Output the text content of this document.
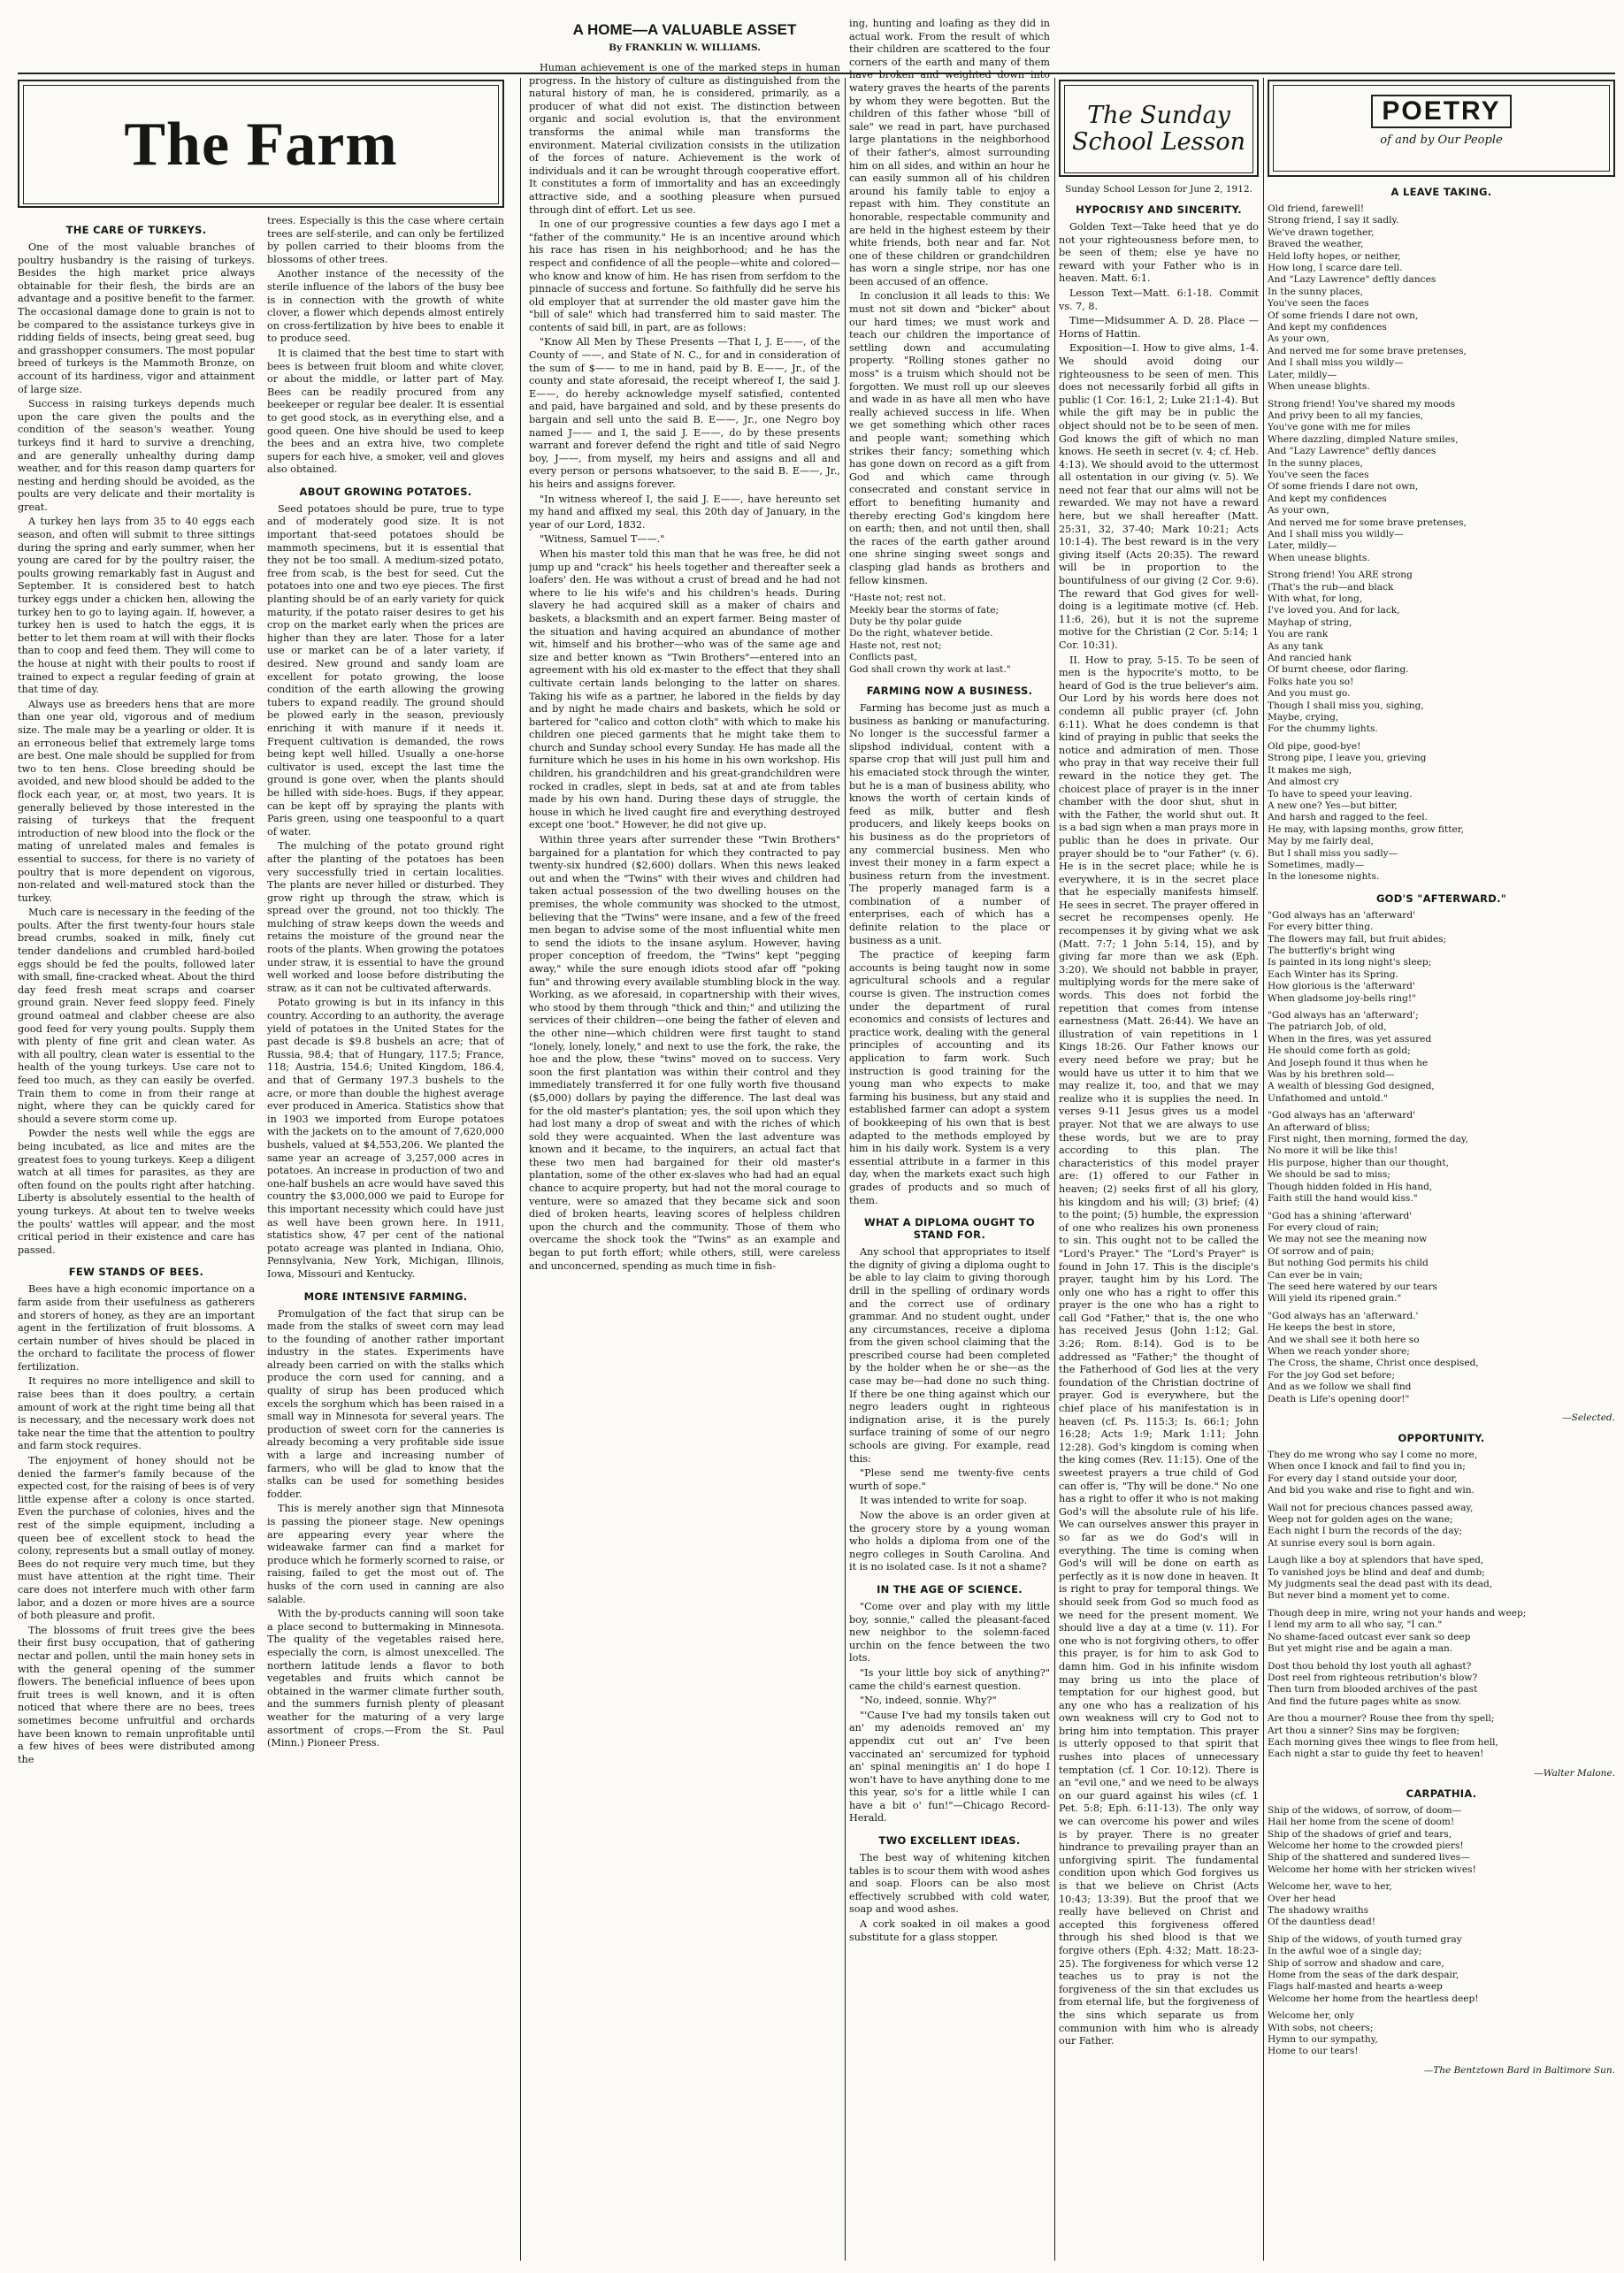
The Farm
THE CARE OF TURKEYS.

One of the most valuable branches of poultry husbandry is the raising of turkeys. Besides the high market price always obtainable for their flesh, the birds are an advantage and a positive benefit to the farmer. The occasional damage done to grain is not to be compared to the assistance turkeys give in ridding fields of insects, being great seed, bug and grasshopper consumers. The most popular breed of turkeys is the Mammoth Bronze, on account of its hardiness, vigor and attainment of large size.

Success in raising turkeys depends much upon the care given the poults and the condition of the season's weather. Young turkeys find it hard to survive a drenching, and are generally unhealthy during damp weather, and for this reason damp quarters for nesting and herding should be avoided, as the poults are very delicate and their mortality is great.

A turkey hen lays from 35 to 40 eggs each season, and often will submit to three sittings during the spring and early summer, when her young are cared for by the poultry raiser, the poults growing remarkably fast in August and September. It is considered best to hatch turkey eggs under a chicken hen, allowing the turkey hen to go to laying again. If, however, a turkey hen is used to hatch the eggs, it is better to let them roam at will with their flocks than to coop and feed them. They will come to the house at night with their poults to roost if trained to expect a regular feeding of grain at that time of day.

Always use as breeders hens that are more than one year old, vigorous and of medium size. The male may be a yearling or older. It is an erroneous belief that extremely large toms are best. One male should be supplied for from two to ten hens. Close breeding should be avoided, and new blood should be added to the flock each year, or, at most, two years. It is generally believed by those interested in the raising of turkeys that the frequent introduction of new blood into the flock or the mating of unrelated males and females is essential to success, for there is no variety of poultry that is more dependent on vigorous, non-related and well-matured stock than the turkey.

Much care is necessary in the feeding of the poults. After the first twenty-four hours stale bread crumbs, soaked in milk, finely cut tender dandelions and crumbled hard-boiled eggs should be fed the poults, followed later with small, fine-cracked wheat. About the third day feed fresh meat scraps and coarser ground grain. Never feed sloppy feed. Finely ground oatmeal and clabber cheese are also good feed for very young poults. Supply them with plenty of fine grit and clean water. As with all poultry, clean water is essential to the health of the young turkeys. Use care not to feed too much, as they can easily be overfed. Train them to come in from their range at night, where they can be quickly cared for should a severe storm come up.

Powder the nests well while the eggs are being incubated, as lice and mites are the greatest foes to young turkeys. Keep a diligent watch at all times for parasites, as they are often found on the poults right after hatching. Liberty is absolutely essential to the health of young turkeys. At about ten to twelve weeks the poults' wattles will appear, and the most critical period in their existence and care has passed.

FEW STANDS OF BEES.

Bees have a high economic importance on a farm aside from their usefulness as gatherers and storers of honey, as they are an important agent in the fertilization of fruit blossoms. A certain number of hives should be placed in the orchard to facilitate the process of flower fertilization.

It requires no more intelligence and skill to raise bees than it does poultry, a certain amount of work at the right time being all that is necessary, and the necessary work does not take near the time that the attention to poultry and farm stock requires.

The enjoyment of honey should not be denied the farmer's family because of the expected cost, for the raising of bees is of very little expense after a colony is once started. Even the purchase of colonies, hives and the rest of the simple equipment, including a queen bee of excellent stock to head the colony, represents but a small outlay of money. Bees do not require very much time, but they must have attention at the right time. Their care does not interfere much with other farm labor, and a dozen or more hives are a source of both pleasure and profit.

The blossoms of fruit trees give the bees their first busy occupation, that of gathering nectar and pollen, until the main honey sets in with the general opening of the summer flowers. The beneficial influence of bees upon fruit trees is well known, and it is often noticed that where there are no bees, trees sometimes become unfruitful and orchards have been known to remain unprofitable until a few hives of bees were distributed among the

trees. Especially is this the case where certain trees are self-sterile, and can only be fertilized by pollen carried to their blooms from the blossoms of other trees.

Another instance of the necessity of the sterile influence of the labors of the busy bee is in connection with the growth of white clover, a flower which depends almost entirely on cross-fertilization by hive bees to enable it to produce seed.

It is claimed that the best time to start with bees is between fruit bloom and white clover, or about the middle, or latter part of May. Bees can be readily procured from any beekeeper or regular bee dealer. It is essential to get good stock, as in everything else, and a good queen. One hive should be used to keep the bees and an extra hive, two complete supers for each hive, a smoker, veil and gloves also obtained.

ABOUT GROWING POTATOES.

Seed potatoes should be pure, true to type and of moderately good size. It is not important that-seed potatoes should be mammoth specimens, but it is essential that they not be too small. A medium-sized potato, free from scab, is the best for seed. Cut the potatoes into one and two eye pieces. The first planting should be of an early variety for quick maturity, if the potato raiser desires to get his crop on the market early when the prices are higher than they are later. Those for a later use or market can be of a later variety, if desired. New ground and sandy loam are excellent for potato growing, the loose condition of the earth allowing the growing tubers to expand readily. The ground should be plowed early in the season, previously enriching it with manure if it needs it. Frequent cultivation is demanded, the rows being kept well hilled. Usually a one-horse cultivator is used, except the last time the ground is gone over, when the plants should be hilled with side-hoes. Bugs, if they appear, can be kept off by spraying the plants with Paris green, using one teaspoonful to a quart of water.

The mulching of the potato ground right after the planting of the potatoes has been very successfully tried in certain localities. The plants are never hilled or disturbed. They grow right up through the straw, which is spread over the ground, not too thickly. The mulching of straw keeps down the weeds and retains the moisture of the ground near the roots of the plants. When growing the potatoes under straw, it is essential to have the ground well worked and loose before distributing the straw, as it can not be cultivated afterwards.

Potato growing is but in its infancy in this country. According to an authority, the average yield of potatoes in the United States for the past decade is $9.8 bushels an acre; that of Russia, 98.4; that of Hungary, 117.5; France, 118; Austria, 154.6; United Kingdom, 186.4, and that of Germany 197.3 bushels to the acre, or more than double the highest average ever produced in America. Statistics show that in 1903 we imported from Europe potatoes with the jackets on to the amount of 7,620,000 bushels, valued at $4,553,206. We planted the same year an acreage of 3,257,000 acres in potatoes. An increase in production of two and one-half bushels an acre would have saved this country the $3,000,000 we paid to Europe for this important necessity which could have just as well have been grown here. In 1911, statistics show, 47 per cent of the national potato acreage was planted in Indiana, Ohio, Pennsylvania, New York, Michigan, Illinois, Iowa, Missouri and Kentucky.

MORE INTENSIVE FARMING.

Promulgation of the fact that sirup can be made from the stalks of sweet corn may lead to the founding of another rather important industry in the states. Experiments have already been carried on with the stalks which produce the corn used for canning, and a quality of sirup has been produced which excels the sorghum which has been raised in a small way in Minnesota for several years. The production of sweet corn for the canneries is already becoming a very profitable side issue with a large and increasing number of farmers, who will be glad to know that the stalks can be used for something besides fodder.

This is merely another sign that Minnesota is passing the pioneer stage. New openings are appearing every year where the wideawake farmer can find a market for produce which he formerly scorned to raise, or raising, failed to get the most out of. The husks of the corn used in canning are also salable.

With the by-products canning will soon take a place second to buttermaking in Minnesota. The quality of the vegetables raised here, especially the corn, is almost unexcelled. The northern latitude lends a flavor to both vegetables and fruits which cannot be obtained in the warmer climate further south, and the summers furnish plenty of pleasant weather for the maturing of a very large assortment of crops.—From the St. Paul (Minn.) Pioneer Press.

A HOME—A VALUABLE ASSET
By FRANKLIN W. WILLIAMS.

Human achievement is one of the marked steps in human progress. In the history of culture as distinguished from the natural history of man, he is considered, primarily, as a producer of what did not exist. The distinction between organic and social evolution is, that the environment transforms the animal while man transforms the environment. Material civilization consists in the utilization of the forces of nature. Achievement is the work of individuals and it can be wrought through cooperative effort. It constitutes a form of immortality and has an exceedingly attractive side, and a soothing pleasure when pursued through dint of effort. Let us see.

In one of our progressive counties a few days ago I met a "father of the community." He is an incentive around which his race has risen in his neighborhood; and he has the respect and confidence of all the people—white and colored—who know and know of him. He has risen from serfdom to the pinnacle of success and fortune. So faithfully did he serve his old employer that at surrender the old master gave him the "bill of sale" which had transferred him to said master. The contents of said bill, in part, are as follows:

"Know All Men by These Presents —That I, J. E——, of the County of ——, and State of N. C., for and in consideration of the sum of $—— to me in hand, paid by B. E——, Jr., of the county and state aforesaid, the receipt whereof I, the said J. E——, do hereby acknowledge myself satisfied, contented and paid, have bargained and sold, and by these presents do bargain and sell unto the said B. E——, Jr., one Negro boy named J—— and I, the said J. E——, do by these presents warrant and forever defend the right and title of said Negro boy, J——, from myself, my heirs and assigns and all and every person or persons whatsoever, to the said B. E——, Jr., his heirs and assigns forever.

"In witness whereof I, the said J. E——, have hereunto set my hand and affixed my seal, this 20th day of January, in the year of our Lord, 1832.

"Witness, Samuel T——."

When his master told this man that he was free, he did not jump up and "crack" his heels together and thereafter seek a loafers' den. He was without a crust of bread and he had not where to lie his wife's and his children's heads. During slavery he had acquired skill as a maker of chairs and baskets, a blacksmith and an expert farmer. Being master of the situation and having acquired an abundance of mother wit, himself and his brother—who was of the same age and size and better known as "Twin Brothers"—entered into an agreement with his old ex-master to the effect that they shall cultivate certain lands belonging to the latter on shares. Taking his wife as a partner, he labored in the fields by day and by night he made chairs and baskets, which he sold or bartered for "calico and cotton cloth" with which to make his children one pieced garments that he might take them to church and Sunday school every Sunday. He has made all the furniture which he uses in his home in his own workshop. His children, his grandchildren and his great-grandchildren were rocked in cradles, slept in beds, sat at and ate from tables made by his own hand. During these days of struggle, the house in which he lived caught fire and everything destroyed except one 'boot." However, he did not give up.

Within three years after surrender these "Twin Brothers" bargained for a plantation for which they contracted to pay twenty-six hundred ($2,600) dollars. When this news leaked out and when the "Twins" with their wives and children had taken actual possession of the two dwelling houses on the premises, the whole community was shocked to the utmost, believing that the "Twins" were insane, and a few of the freed men began to advise some of the most influential white men to send the idiots to the insane asylum. However, having proper conception of freedom, the "Twins" kept "pegging away," while the sure enough idiots stood afar off "poking fun" and throwing every available stumbling block in the way. Working, as we aforesaid, in copartnership with their wives, who stood by them through "thick and thin;" and utilizing the services of their children—one being the father of eleven and the other nine—which children were first taught to stand "lonely, lonely, lonely," and next to use the fork, the rake, the hoe and the plow, these "twins" moved on to success. Very soon the first plantation was within their control and they immediately transferred it for one fully worth five thousand ($5,000) dollars by paying the difference. The last deal was for the old master's plantation; yes, the soil upon which they had lost many a drop of sweat and with the riches of which sold they were acquainted. When the last adventure was known and it became, to the inquirers, an actual fact that these two men had bargained for their old master's plantation, some of the other ex-slaves who had had an equal chance to acquire property, but had not the moral courage to venture, were so amazed that they became sick and soon died of broken hearts, leaving scores of helpless children upon the church and the community. Those of them who overcame the shock took the "Twins" as an example and began to put forth effort; while others, still, were careless and unconcerned, spending as much time in fish-

ing, hunting and loafing as they did in actual work. From the result of which their children are scattered to the four corners of the earth and many of them have broken and weighted down into watery graves the hearts of the parents by whom they were begotten. But the children of this father whose "bill of sale" we read in part, have purchased large plantations in the neighborhood of their father's, almost surrounding him on all sides, and within an hour he can easily summon all of his children around his family table to enjoy a repast with him. They constitute an honorable, respectable community and are held in the highest esteem by their white friends, both near and far. Not one of these children or grandchildren has worn a single stripe, nor has one been accused of an offence.

In conclusion it all leads to this: We must not sit down and "bicker" about our hard times; we must work and teach our children the importance of settling down and accumulating property. "Rolling stones gather no moss" is a truism which should not be forgotten. We must roll up our sleeves and wade in as have all men who have really achieved success in life. When we get something which other races and people want; something which strikes their fancy; something which has gone down on record as a gift from God and which came through consecrated and constant service in effort to benefiting humanity and thereby erecting God's kingdom here on earth; then, and not until then, shall the races of the earth gather around one shrine singing sweet songs and clasping glad hands as brothers and fellow kinsmen.

"Haste not; rest not.
Meekly bear the storms of fate;
Duty be thy polar guide
Do the right, whatever betide.
Haste not, rest not;
Conflicts past,
God shall crown thy work at last."
FARMING NOW A BUSINESS.

Farming has become just as much a business as banking or manufacturing. No longer is the successful farmer a slipshod individual, content with a sparse crop that will just pull him and his emaciated stock through the winter, but he is a man of business ability, who knows the worth of certain kinds of feed as milk, butter and flesh producers, and likely keeps books on his business as do the proprietors of any commercial business. Men who invest their money in a farm expect a business return from the investment. The properly managed farm is a combination of a number of enterprises, each of which has a definite relation to the place or business as a unit.

The practice of keeping farm accounts is being taught now in some agricultural schools and a regular course is given. The instruction comes under the department of rural economics and consists of lectures and practice work, dealing with the general principles of accounting and its application to farm work. Such instruction is good training for the young man who expects to make farming his business, but any staid and established farmer can adopt a system of bookkeeping of his own that is best adapted to the methods employed by him in his daily work. System is a very essential attribute in a farmer in this day, when the markets exact such high grades of products and so much of them.

WHAT A DIPLOMA OUGHT TO STAND FOR.

Any school that appropriates to itself the dignity of giving a diploma ought to be able to lay claim to giving thorough drill in the spelling of ordinary words and the correct use of ordinary grammar. And no student ought, under any circumstances, receive a diploma from the given school claiming that the prescribed course had been completed by the holder when he or she—as the case may be—had done no such thing. If there be one thing against which our negro leaders ought in righteous indignation arise, it is the purely surface training of some of our negro schools are giving. For example, read this:

"Plese send me twenty-five cents wurth of sope."

It was intended to write for soap.

Now the above is an order given at the grocery store by a young woman who holds a diploma from one of the negro colleges in South Carolina. And it is no isolated case. Is it not a shame?

IN THE AGE OF SCIENCE.

"Come over and play with my little boy, sonnie," called the pleasant-faced new neighbor to the solemn-faced urchin on the fence between the two lots.

"Is your little boy sick of anything?" came the child's earnest question.

"No, indeed, sonnie. Why?"

"'Cause I've had my tonsils taken out an' my adenoids removed an' my appendix cut out an' I've been vaccinated an' sercumized for typhoid an' spinal meningitis an' I do hope I won't have to have anything done to me this year, so's for a little while I can have a bit o' fun!"—Chicago Record-Herald.

TWO EXCELLENT IDEAS.

The best way of whitening kitchen tables is to scour them with wood ashes and soap. Floors can be also most effectively scrubbed with cold water, soap and wood ashes.

A cork soaked in oil makes a good substitute for a glass stopper.

The Sunday School Lesson
Sunday School Lesson for June 2, 1912.
HYPOCRISY AND SINCERITY.

Golden Text—Take heed that ye do not your righteousness before men, to be seen of them; else ye have no reward with your Father who is in heaven. Matt. 6:1.

Lesson Text—Matt. 6:1-18. Commit vs. 7, 8.

Time—Midsummer A. D. 28. Place —Horns of Hattin.

Exposition—I. How to give alms, 1-4. We should avoid doing our righteousness to be seen of men. This does not necessarily forbid all gifts in public (1 Cor. 16:1, 2; Luke 21:1-4). But while the gift may be in public the object should not be to be seen of men. God knows the gift of which no man knows. He seeth in secret (v. 4; cf. Heb. 4:13). We should avoid to the uttermost all ostentation in our giving (v. 5). We need not fear that our alms will not be rewarded. We may not have a reward here, but we shall hereafter (Matt. 25:31, 32, 37-40; Mark 10:21; Acts 10:1-4). The best reward is in the very giving itself (Acts 20:35). The reward will be in proportion to the bountifulness of our giving (2 Cor. 9:6). The reward that God gives for well-doing is a legitimate motive (cf. Heb. 11:6, 26), but it is not the supreme motive for the Christian (2 Cor. 5:14; 1 Cor. 10:31).

II. How to pray, 5-15. To be seen of men is the hypocrite's motto, to be heard of God is the true believer's aim. Our Lord by his words here does not condemn all public prayer (cf. John 6:11). What he does condemn is that kind of praying in public that seeks the notice and admiration of men. Those who pray in that way receive their full reward in the notice they get. The choicest place of prayer is in the inner chamber with the door shut, shut in with the Father, the world shut out. It is a bad sign when a man prays more in public than he does in private. Our prayer should be to "our Father" (v. 6). He is in the secret place; while he is everywhere, it is in the secret place that he especially manifests himself. He sees in secret. The prayer offered in secret he recompenses openly. He recompenses it by giving what we ask (Matt. 7:7; 1 John 5:14, 15), and by giving far more than we ask (Eph. 3:20). We should not babble in prayer, multiplying words for the mere sake of words. This does not forbid the repetition that comes from intense earnestness (Matt. 26:44). We have an illustration of vain repetitions in 1 Kings 18:26. Our Father knows our every need before we pray; but he would have us utter it to him that we may realize it, too, and that we may realize who it is supplies the need. In verses 9-11 Jesus gives us a model prayer. Not that we are always to use these words, but we are to pray according to this plan. The characteristics of this model prayer are: (1) offered to our Father in heaven; (2) seeks first of all his glory, his kingdom and his will; (3) brief; (4) to the point; (5) humble, the expression of one who realizes his own proneness to sin. This ought not to be called the "Lord's Prayer." The "Lord's Prayer" is found in John 17. This is the disciple's prayer, taught him by his Lord. The only one who has a right to offer this prayer is the one who has a right to call God "Father," that is, the one who has received Jesus (John 1:12; Gal. 3:26; Rom. 8:14). God is to be addressed as "Father;" the thought of the Fatherhood of God lies at the very foundation of the Christian doctrine of prayer. God is everywhere, but the chief place of his manifestation is in heaven (cf. Ps. 115:3; Is. 66:1; John 16:28; Acts 1:9; Mark 1:11; John 12:28). God's kingdom is coming when the king comes (Rev. 11:15). One of the sweetest prayers a true child of God can offer is, "Thy will be done." No one has a right to offer it who is not making God's will the absolute rule of his life. We can ourselves answer this prayer in so far as we do God's will in everything. The time is coming when God's will will be done on earth as perfectly as it is now done in heaven. It is right to pray for temporal things. We should seek from God so much food as we need for the present moment. We should live a day at a time (v. 11). For one who is not forgiving others, to offer this prayer, is for him to ask God to damn him. God in his infinite wisdom may bring us into the place of temptation for our highest good, but any one who has a realization of his own weakness will cry to God not to bring him into temptation. This prayer is utterly opposed to that spirit that rushes into places of unnecessary temptation (cf. 1 Cor. 10:12). There is an "evil one," and we need to be always on our guard against his wiles (cf. 1 Pet. 5:8; Eph. 6:11-13). The only way we can overcome his power and wiles is by prayer. There is no greater hindrance to prevailing prayer than an unforgiving spirit. The fundamental condition upon which God forgives us is that we believe on Christ (Acts 10:43; 13:39). But the proof that we really have believed on Christ and accepted this forgiveness offered through his shed blood is that we forgive others (Eph. 4:32; Matt. 18:23-25). The forgiveness for which verse 12 teaches us to pray is not the forgiveness of the sin that excludes us from eternal life, but the forgiveness of the sins which separate us from communion with him who is already our Father.

POETRY
of and by Our People
A LEAVE TAKING.
Old friend, farewell!
Strong friend, I say it sadly.
We've drawn together,
Braved the weather,
Held lofty hopes, or neither,
How long, I scarce dare tell.
And "Lazy Lawrence" deftly dances
In the sunny places,
You've seen the faces
Of some friends I dare not own,
And kept my confidences
As your own,
And nerved me for some brave pretenses,
And I shall miss you wildly—
Later, mildly—
When unease blights.
Strong friend! You've shared my moods
And privy been to all my fancies,
You've gone with me for miles
Where dazzling, dimpled Nature smiles,
And "Lazy Lawrence" deftly dances
In the sunny places,
You've seen the faces
Of some friends I dare not own,
And kept my confidences
As your own,
And nerved me for some brave pretenses,
And I shall miss you wildly—
Later, mildly—
When unease blights.
Strong friend! You ARE strong
(That's the rub—and black
With what, for long,
I've loved you. And for lack,
Mayhap of string,
You are rank
As any tank
And rancied hank
Of burnt cheese, odor flaring.
Folks hate you so!
And you must go.
Though I shall miss you, sighing,
Maybe, crying,
For the chummy lights.
Old pipe, good-bye!
Strong pipe, I leave you, grieving
It makes me sigh,
And almost cry
To have to speed your leaving.
A new one? Yes—but bitter,
And harsh and ragged to the feel.
He may, with lapsing months, grow fitter,
May by me fairly deal,
But I shall miss you sadly—
Sometimes, madly—
In the lonesome nights.
GOD'S "AFTERWARD."
"God always has an 'afterward'
For every bitter thing.
The flowers may fall, but fruit abides;
The butterfly's bright wing
Is painted in its long night's sleep;
Each Winter has its Spring.
How glorious is the 'afterward'
When gladsome joy-bells ring!"
"God always has an 'afterward';
The patriarch Job, of old,
When in the fires, was yet assured
He should come forth as gold;
And Joseph found it thus when he
Was by his brethren sold—
A wealth of blessing God designed,
Unfathomed and untold."
"God always has an 'afterward'
An afterward of bliss;
First night, then morning, formed the day,
No more it will be like this!
His purpose, higher than our thought,
We should be sad to miss;
Though hidden folded in His hand,
Faith still the hand would kiss."
"God has a shining 'afterward'
For every cloud of rain;
We may not see the meaning now
Of sorrow and of pain;
But nothing God permits his child
Can ever be in vain;
The seed here watered by our tears
Will yield its ripened grain."
"God always has an 'afterward.'
He keeps the best in store,
And we shall see it both here so
When we reach yonder shore;
The Cross, the shame, Christ once despised,
For the joy God set before;
And as we follow we shall find
Death is Life's opening door!"
—Selected.
OPPORTUNITY.
They do me wrong who say I come no more,
When once I knock and fail to find you in;
For every day I stand outside your door,
And bid you wake and rise to fight and win.
Wail not for precious chances passed away,
Weep not for golden ages on the wane;
Each night I burn the records of the day;
At sunrise every soul is born again.
Laugh like a boy at splendors that have sped,
To vanished joys be blind and deaf and dumb;
My judgments seal the dead past with its dead,
But never bind a moment yet to come.
Though deep in mire, wring not your hands and weep;
I lend my arm to all who say, "I can."
No shame-faced outcast ever sank so deep
But yet might rise and be again a man.
Dost thou behold thy lost youth all aghast?
Dost reel from righteous retribution's blow?
Then turn from blooded archives of the past
And find the future pages white as snow.
Are thou a mourner? Rouse thee from thy spell;
Art thou a sinner? Sins may be forgiven;
Each morning gives thee wings to flee from hell,
Each night a star to guide thy feet to heaven!
—Walter Malone.
CARPATHIA.
Ship of the widows, of sorrow, of doom—
Hail her home from the scene of doom!
Ship of the shadows of grief and tears,
Welcome her home to the crowded piers!
Ship of the shattered and sundered lives—
Welcome her home with her stricken wives!
Welcome her, wave to her,
Over her head
The shadowy wraiths
Of the dauntless dead!
Ship of the widows, of youth turned gray
In the awful woe of a single day;
Ship of sorrow and shadow and care,
Home from the seas of the dark despair,
Flags half-masted and hearts a-weep
Welcome her home from the heartless deep!
Welcome her, only
With sobs, not cheers;
Hymn to our sympathy,
Home to our tears!
—The Bentztown Bard in Baltimore Sun.
